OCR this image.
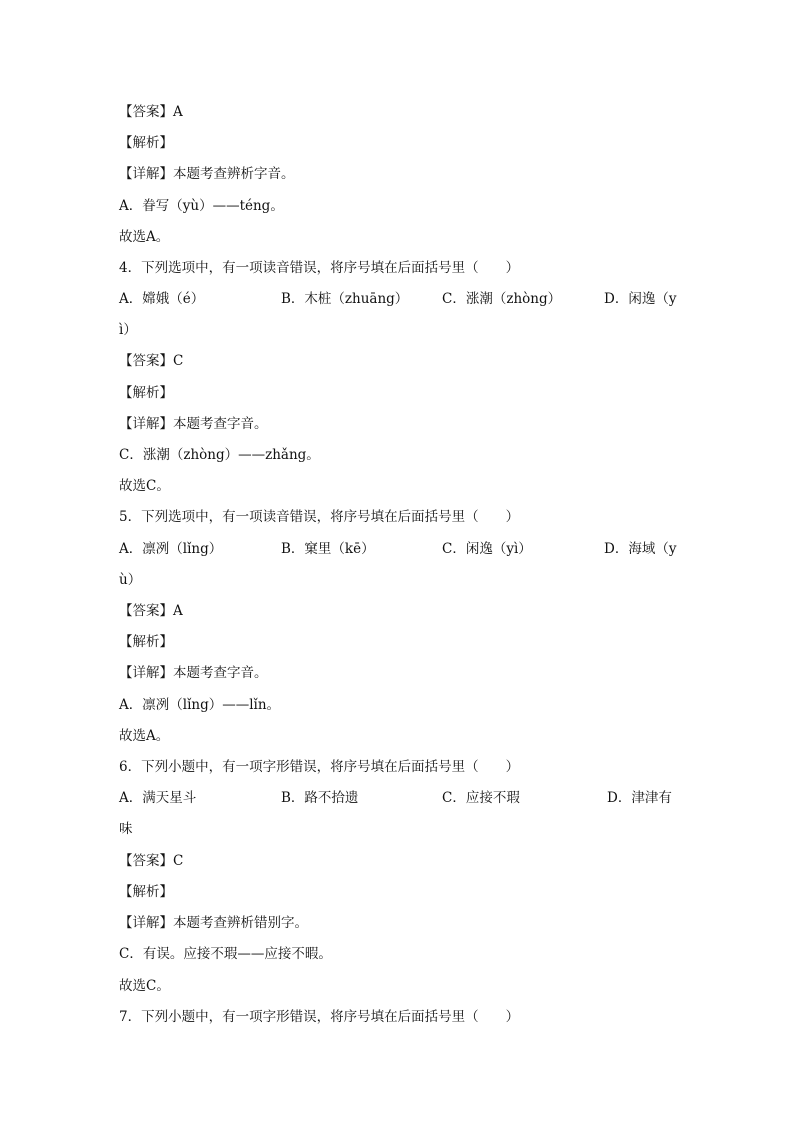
【答案】A
【解析】
【详解】本题考查辨析字音。
A．眷写（yù）——téng。
故选A。
4．下列选项中，有一项读音错误，将序号填在后面括号里（　　）
A．嫦娥（é）	B．木桩（zhuāng） C．涨潮（zhòng）	D．闲逸（y
ì）
【答案】C
【解析】
【详解】本题考查字音。
C．涨潮（zhòng）——zhǎng。
故选C。
5．下列选项中，有一项读音错误，将序号填在后面括号里（　　）
A．凛冽（lǐng）	B．窠里（kē）	C．闲逸（yì）	D．海域（y
ù）
【答案】A
【解析】
【详解】本题考查字音。
A．凛冽（lǐng）——lǐn。
故选A。
6．下列小题中，有一项字形错误，将序号填在后面括号里（　　）
A．满天星斗	B．路不拾遗	C．应接不瑕	D．津津有
味
【答案】C
【解析】
【详解】本题考查辨析错别字。
C．有误。应接不瑕——应接不暇。
故选C。
7．下列小题中，有一项字形错误，将序号填在后面括号里（　　）
